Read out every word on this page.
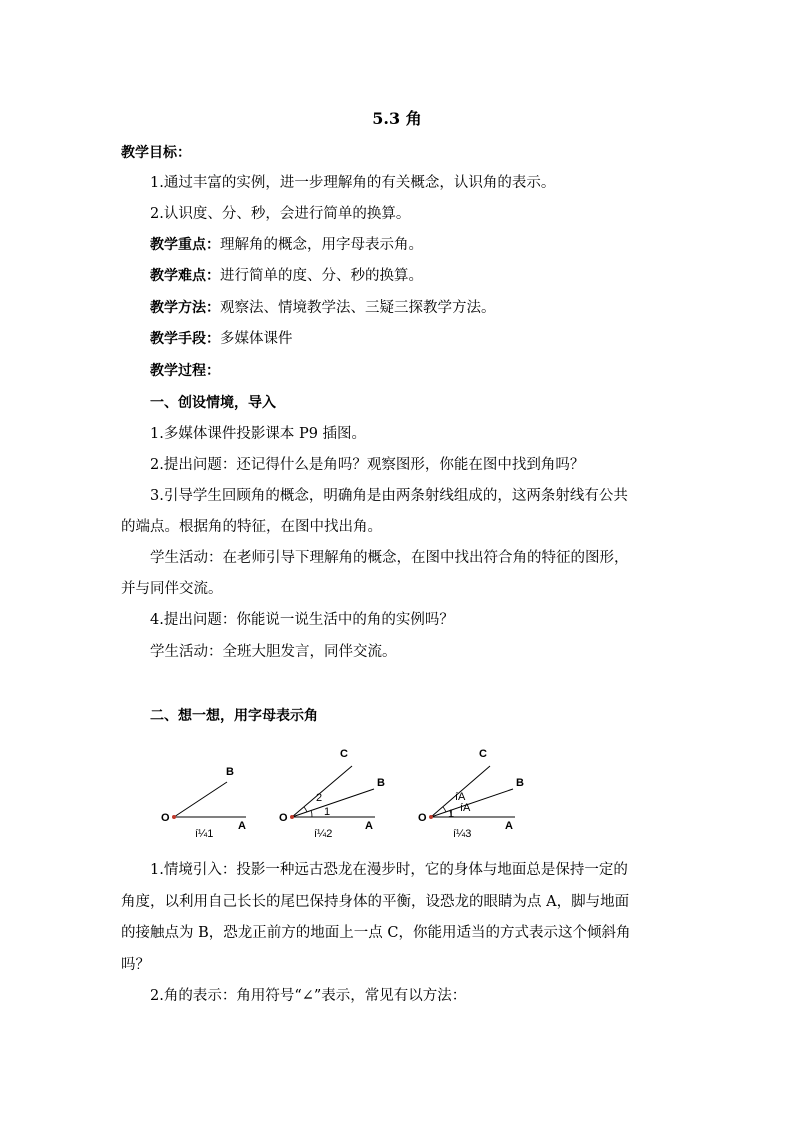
5.3 角
教学目标：
1.通过丰富的实例，进一步理解角的有关概念，认识角的表示。
2.认识度、分、秒，会进行简单的换算。
教学重点：理解角的概念，用字母表示角。
教学难点：进行简单的度、分、秒的换算。
教学方法：观察法、情境教学法、三疑三探教学方法。
教学手段：多媒体课件
教学过程：
一、创设情境，导入
1.多媒体课件投影课本 P9 插图。
2.提出问题：还记得什么是角吗？观察图形，你能在图中找到角吗？
3.引导学生回顾角的概念，明确角是由两条射线组成的，这两条射线有公共
的端点。根据角的特征，在图中找出角。
学生活动：在老师引导下理解角的概念，在图中找出符合角的特征的图形，
并与同伴交流。
4.提出问题：你能说一说生活中的角的实例吗？
学生活动：全班大胆发言，同伴交流。
二、想一想，用字母表示角
O
A
B
í¼1
O
A
B
C
1
2
í¼2
O
A
B
C
1 íA
íA
í¼3
1.情境引入：投影一种远古恐龙在漫步时，它的身体与地面总是保持一定的
角度，以利用自己长长的尾巴保持身体的平衡，设恐龙的眼睛为点 A，脚与地面
的接触点为 B，恐龙正前方的地面上一点 C，你能用适当的方式表示这个倾斜角
吗？
2.角的表示：角用符号“∠”表示，常见有以方法：
